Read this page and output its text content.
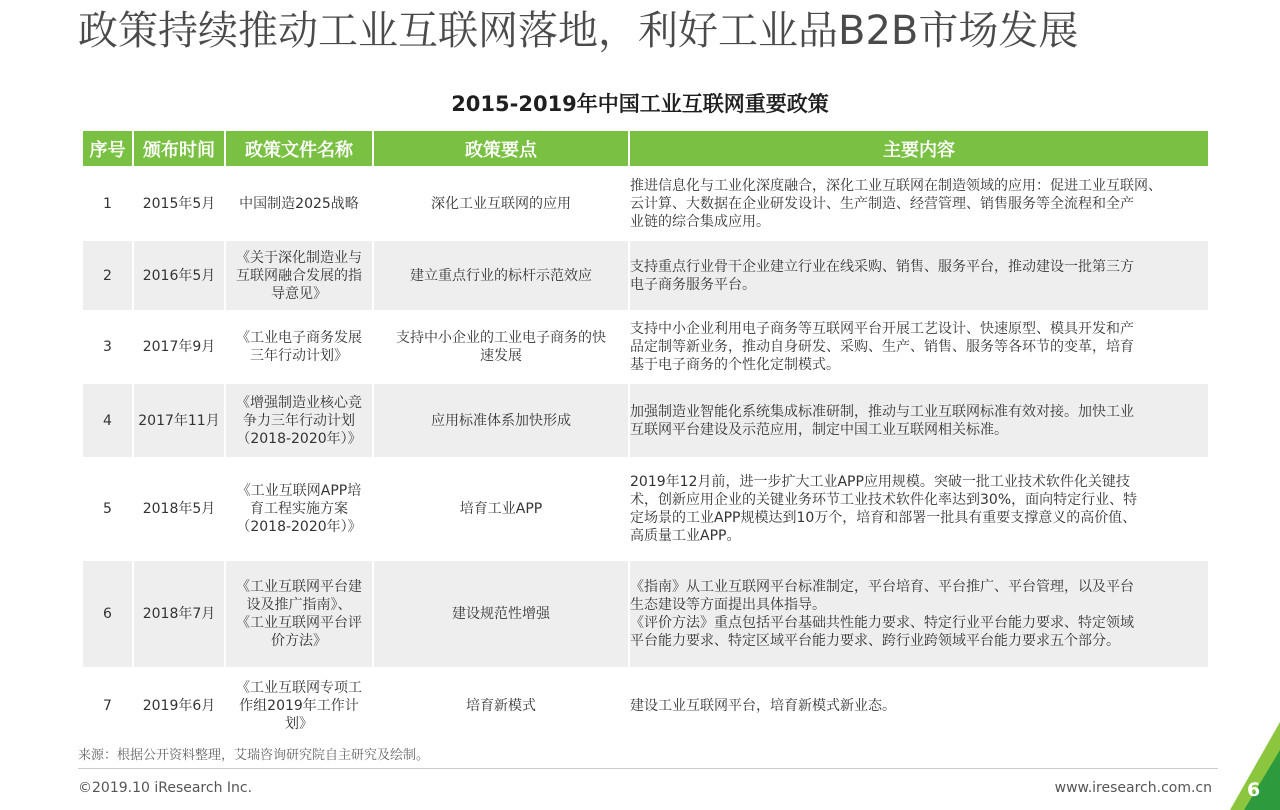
政策持续推动工业互联网落地，利好工业品B2B市场发展
2015-2019年中国工业互联网重要政策
序号	颁布时间	政策文件名称	政策要点	主要内容
1	2015年5月	中国制造2025战略	深化工业互联网的应用	推进信息化与工业化深度融合，深化工业互联网在制造领域的应用：促进工业互联网、
云计算、大数据在企业研发设计、生产制造、经营管理、销售服务等全流程和全产
业链的综合集成应用。

2	2016年5月	《关于深化制造业与
互联网融合发展的指
导意见》	建立重点行业的标杆示范效应	支持重点行业骨干企业建立行业在线采购、销售、服务平台，推动建设一批第三方
电子商务服务平台。

3	2017年9月	《工业电子商务发展
三年行动计划》	支持中小企业的工业电子商务的快
速发展	支持中小企业利用电子商务等互联网平台开展工艺设计、快速原型、模具开发和产
品定制等新业务，推动自身研发、采购、生产、销售、服务等各环节的变革，培育
基于电子商务的个性化定制模式。

4	2017年11月	《增强制造业核心竞
争力三年行动计划
（2018-2020年）》	应用标准体系加快形成	加强制造业智能化系统集成标准研制，推动与工业互联网标准有效对接。加快工业
互联网平台建设及示范应用，制定中国工业互联网相关标准。

5	2018年5月	《工业互联网APP培
育工程实施方案
（2018-2020年）》	培育工业APP	2019年12月前，进一步扩大工业APP应用规模。突破一批工业技术软件化关键技
术，创新应用企业的关键业务环节工业技术软件化率达到30%，面向特定行业、特
定场景的工业APP规模达到10万个，培育和部署一批具有重要支撑意义的高价值、
高质量工业APP。

6	2018年7月	《工业互联网平台建
设及推广指南》、
《工业互联网平台评
价方法》	建设规范性增强	《指南》从工业互联网平台标准制定，平台培育、平台推广、平台管理，以及平台
生态建设等方面提出具体指导。
《评价方法》重点包括平台基础共性能力要求、特定行业平台能力要求、特定领域
平台能力要求、特定区域平台能力要求、跨行业跨领域平台能力要求五个部分。

7	2019年6月	《工业互联网专项工
作组2019年工作计
划》	培育新模式	建设工业互联网平台，培育新模式新业态。
来源：根据公开资料整理，艾瑞咨询研究院自主研究及绘制。
©2019.10 iResearch Inc.	www.iresearch.com.cn 6
